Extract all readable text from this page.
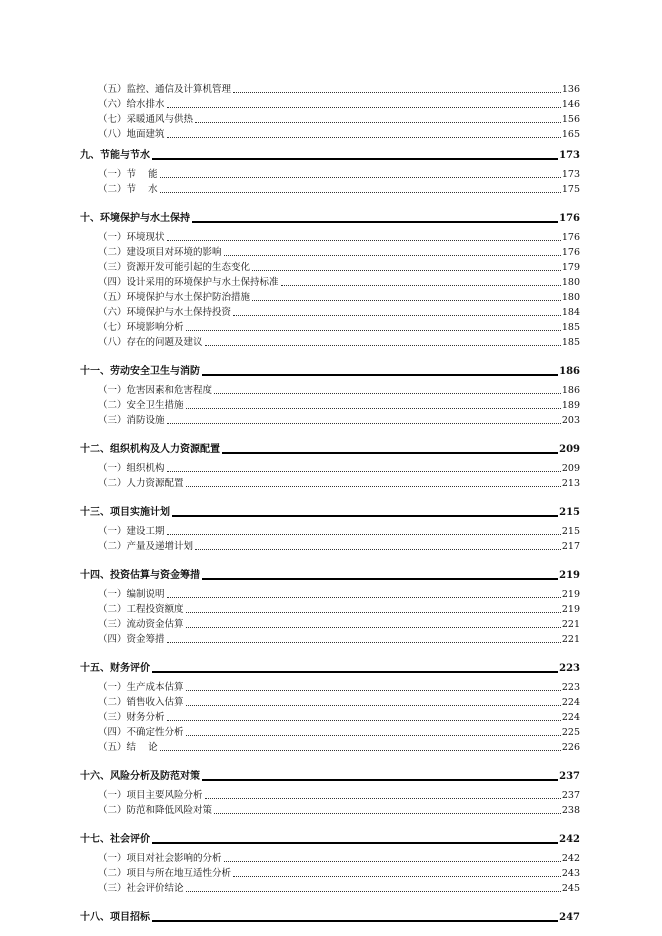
（五）监控、通信及计算机管理	136
（六）给水排水	146
（七）采暖通风与供热	156
（八）地面建筑	165
九、节能与节水	173
（一）节    能	173
（二）节    水	175
十、环境保护与水土保持	176
（一）环境现状	176
（二）建设项目对环境的影响	176
（三）资源开发可能引起的生态变化	179
（四）设计采用的环境保护与水土保持标准	180
（五）环境保护与水土保护防治措施	180
（六）环境保护与水土保持投资	184
（七）环境影响分析	185
（八）存在的问题及建议	185
十一、劳动安全卫生与消防	186
（一）危害因素和危害程度	186
（二）安全卫生措施	189
（三）消防设施	203
十二、组织机构及人力资源配置	209
（一）组织机构	209
（二）人力资源配置	213
十三、项目实施计划	215
（一）建设工期	215
（二）产量及递增计划	217
十四、投资估算与资金筹措	219
（一）编制说明	219
（二）工程投资额度	219
（三）流动资金估算	221
（四）资金筹措	221
十五、财务评价	223
（一）生产成本估算	223
（二）销售收入估算	224
（三）财务分析	224
（四）不确定性分析	225
（五）结    论	226
十六、风险分析及防范对策	237
（一）项目主要风险分析	237
（二）防范和降低风险对策	238
十七、社会评价	242
（一）项目对社会影响的分析	242
（二）项目与所在地互适性分析	243
（三）社会评价结论	245
十八、项目招标	247
